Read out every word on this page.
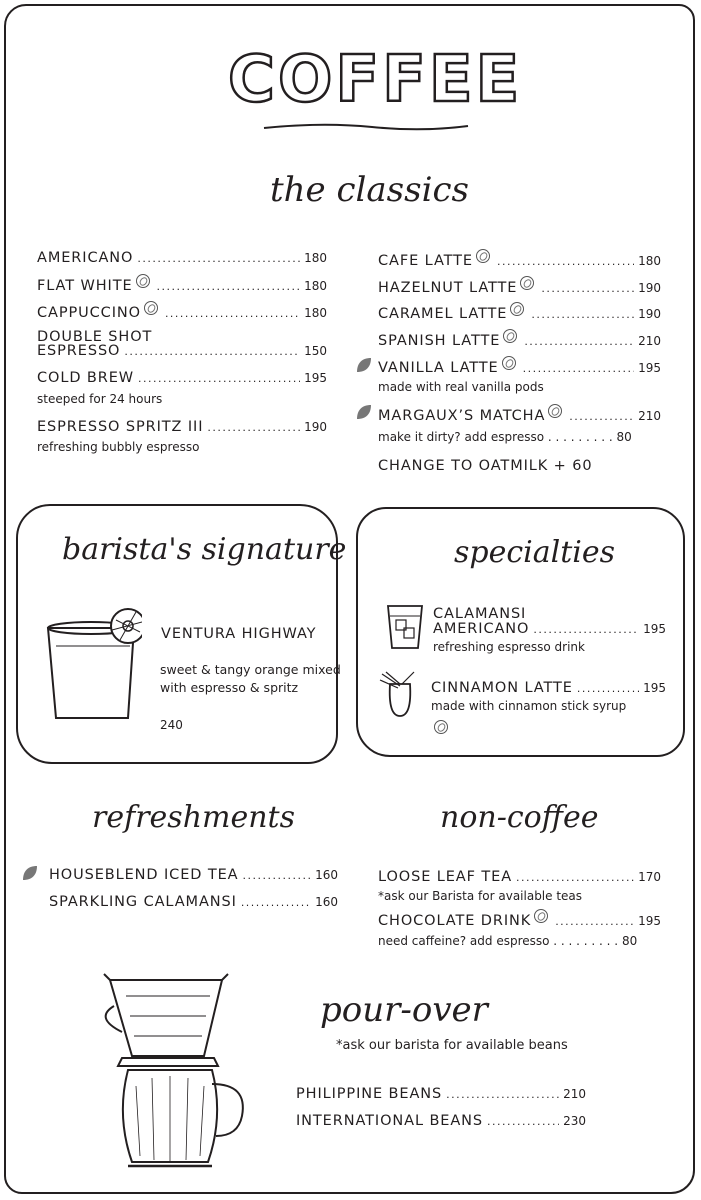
COFFEE
the classics
AMERICANO .....	180
FLAT WHITE .....	180
CAPPUCCINO .....	180
DOUBLE SHOT
ESPRESSO .....	150
COLD BREW .....	195
steeped for 24 hours
ESPRESSO SPRITZ III .....	190
refreshing bubbly espresso
CAFE LATTE .....	180
HAZELNUT LATTE .....	190
CARAMEL LATTE .....	190
SPANISH LATTE .....	210
VANILLA LATTE .....	195
made with real vanilla pods
MARGAUX’S MATCHA .....	210
make it dirty? add espresso . . . . . . . . . 80
CHANGE TO OATMILK + 60
barista's signature
VENTURA HIGHWAY
sweet & tangy orange mixed
with espresso & spritz
240
specialties
CALAMANSI
AMERICANO .....	195
refreshing espresso drink
CINNAMON LATTE .....	195
made with cinnamon stick syrup
refreshments
HOUSEBLEND ICED TEA .....	160
SPARKLING CALAMANSI .....	160
non-coffee
LOOSE LEAF TEA .....	170
*ask our Barista for available teas
CHOCOLATE DRINK .....	195
need caffeine? add espresso . . . . . . . . . 80
pour-over
*ask our barista for available beans
PHILIPPINE BEANS .....	210
INTERNATIONAL BEANS .....	230
